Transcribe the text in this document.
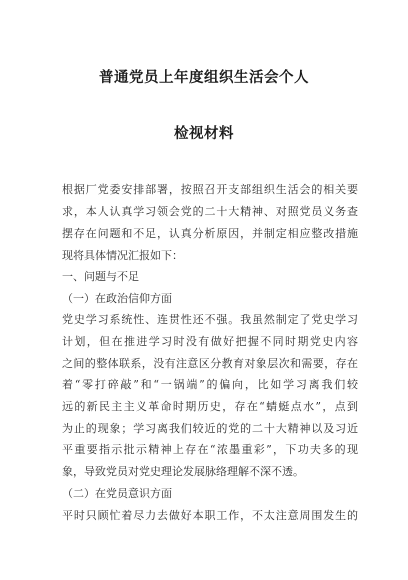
普通党员上年度组织生活会个人
检视材料
根据厂党委安排部署，按照召开支部组织生活会的相关要
求，本人认真学习领会党的二十大精神、对照党员义务查
摆存在问题和不足，认真分析原因，并制定相应整改措施
现将具体情况汇报如下：
一、问题与不足
（一）在政治信仰方面
党史学习系统性、连贯性还不强。我虽然制定了党史学习
计划，但在推进学习时没有做好把握不同时期党史内容
之间的整体联系，没有注意区分教育对象层次和需要，存在
着“零打碎敲”和“一锅端”的偏向，比如学习离我们较
远的新民主主义革命时期历史，存在“蜻蜓点水”，点到
为止的现象；学习离我们较近的党的二十大精神以及习近
平重要指示批示精神上存在“浓墨重彩”，下功夫多的现
象，导致党员对党史理论发展脉络理解不深不透。
（二）在党员意识方面
平时只顾忙着尽力去做好本职工作，不太注意周围发生的
